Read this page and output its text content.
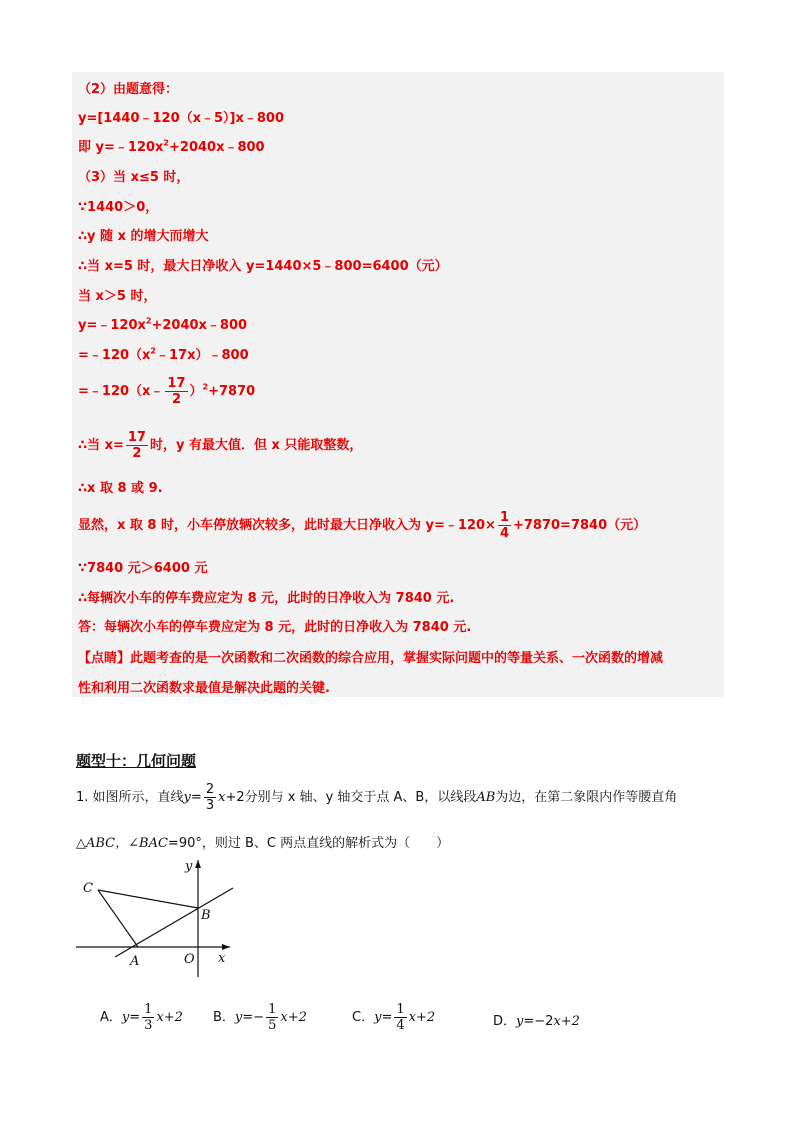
（2）由题意得：
y=[1440﹣120（x﹣5）]x﹣800
即 $y=﹣120x^2+2040x﹣800$
（3）当 x≤5 时，
∵1440＞0，
∴y 随 x 的增大而增大
∴当 x=5 时，最大日净收入 y=1440×5﹣800=6400（元）
当 x＞5 时，
$y=﹣120x^2+2040x﹣800$
$=﹣120(x^2﹣17x)﹣800$
=﹣120（x﹣ $\frac{17}{2} )^2+7870$
∴当 $x= \frac{17}{2}$ 时，y 有最大值．但 x 只能取整数，
∴x 取 8 或 9.
显然，x 取 8 时，小车停放辆次较多，此时最大日净收入为 y=﹣120× $\frac{1}{4} +7870=7840$（元）
∵7840 元＞6400 元
∴每辆次小车的停车费应定为 8 元，此时的日净收入为 7840 元.
答：每辆次小车的停车费应定为 8 元，此时的日净收入为 7840 元.
【点睛】此题考查的是一次函数和二次函数的综合应用，掌握实际问题中的等量关系、一次函数的增减
性和利用二次函数求最值是解决此题的关键.
题型十：几何问题
1. 如图所示，直线$y= \frac{2}{3} x+2$分别与 x 轴、y 轴交于点 A、B，以线段AB为边，在第二象限内作等腰直角
△ABC，∠BAC=90°，则过 B、C 两点直线的解析式为（　　）
C
B
A	O x
y
A．$y= \frac{1}{3} x+2$ B．$y=- \frac{1}{5} x+2$	C．$y= \frac{1}{4} x+2$	D．y=−2x+2
